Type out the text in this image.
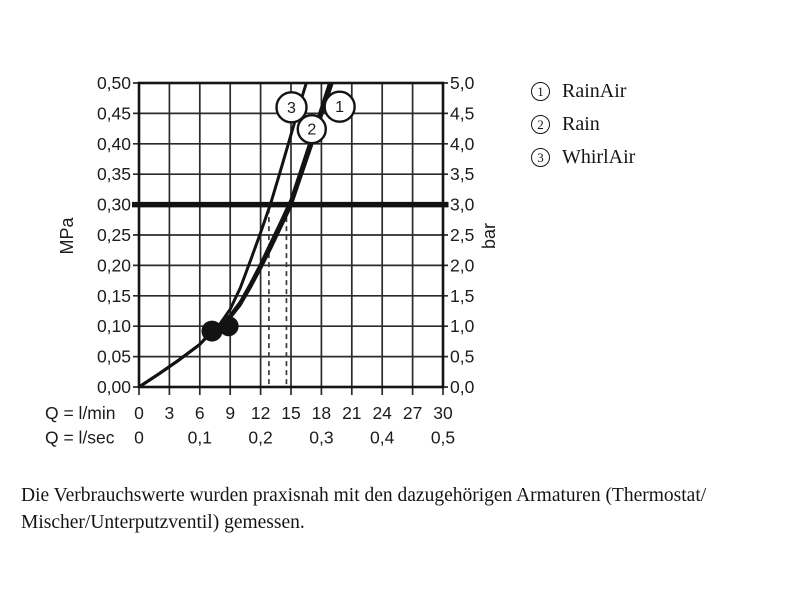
3
2
1
0,50
0,45
0,40
0,35
0,30
0,25
0,20
0,15
0,10
0,05
0,00
MPa
5,0
4,5
4,0
3,5
3,0
2,5
2,0
1,5
1,0
0,5
0,0
bar
Q = l/min 0 3 6 9 12 15 18 21 24 27 30
Q = l/sec 0	0,1 0,2 0,3 0,4 0,5
1 RainAir
2 Rain
3 WhirlAir
Die Verbrauchswerte wurden praxisnah mit den dazugehörigen Armaturen (Thermostat/
Mischer/Unterputzventil) gemessen.
